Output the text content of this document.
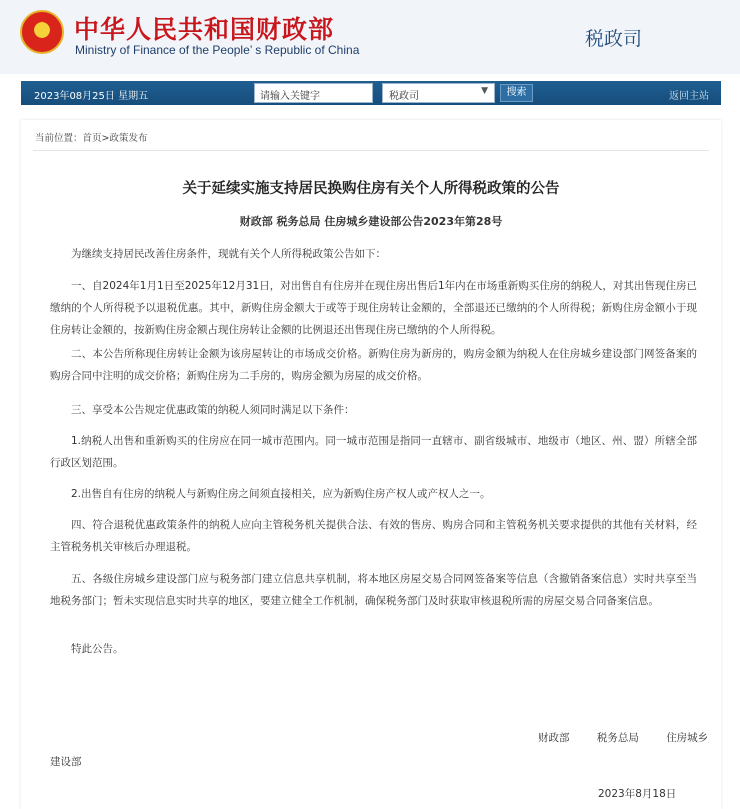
中华人民共和国财政部
Ministry of Finance of the People’ s Republic of China	税政司
2023年08月25日 星期五	请输入关键字	税政司	▼	搜索	返回主站
当前位置：首页>政策发布
关于延续实施支持居民换购住房有关个人所得税政策的公告
财政部 税务总局 住房城乡建设部公告2023年第28号

为继续支持居民改善住房条件，现就有关个人所得税政策公告如下：

一、自2024年1月1日至2025年12月31日，对出售自有住房并在现住房出售后1年内在市场重新购买住房的纳税人，对其出售现住房已缴纳的个人所得税予以退税优惠。其中，新购住房金额大于或等于现住房转让金额的，全部退还已缴纳的个人所得税；新购住房金额小于现住房转让金额的，按新购住房金额占现住房转让金额的比例退还出售现住房已缴纳的个人所得税。

二、本公告所称现住房转让金额为该房屋转让的市场成交价格。新购住房为新房的，购房金额为纳税人在住房城乡建设部门网签备案的购房合同中注明的成交价格；新购住房为二手房的，购房金额为房屋的成交价格。

三、享受本公告规定优惠政策的纳税人须同时满足以下条件：

1.纳税人出售和重新购买的住房应在同一城市范围内。同一城市范围是指同一直辖市、副省级城市、地级市（地区、州、盟）所辖全部行政区划范围。

2.出售自有住房的纳税人与新购住房之间须直接相关，应为新购住房产权人或产权人之一。

四、符合退税优惠政策条件的纳税人应向主管税务机关提供合法、有效的售房、购房合同和主管税务机关要求提供的其他有关材料，经主管税务机关审核后办理退税。

五、各级住房城乡建设部门应与税务部门建立信息共享机制，将本地区房屋交易合同网签备案等信息（含撤销备案信息）实时共享至当地税务部门；暂未实现信息实时共享的地区，要建立健全工作机制，确保税务部门及时获取审核退税所需的房屋交易合同备案信息。

特此公告。

财政部	税务总局	住房城乡
建设部
2023年8月18日
